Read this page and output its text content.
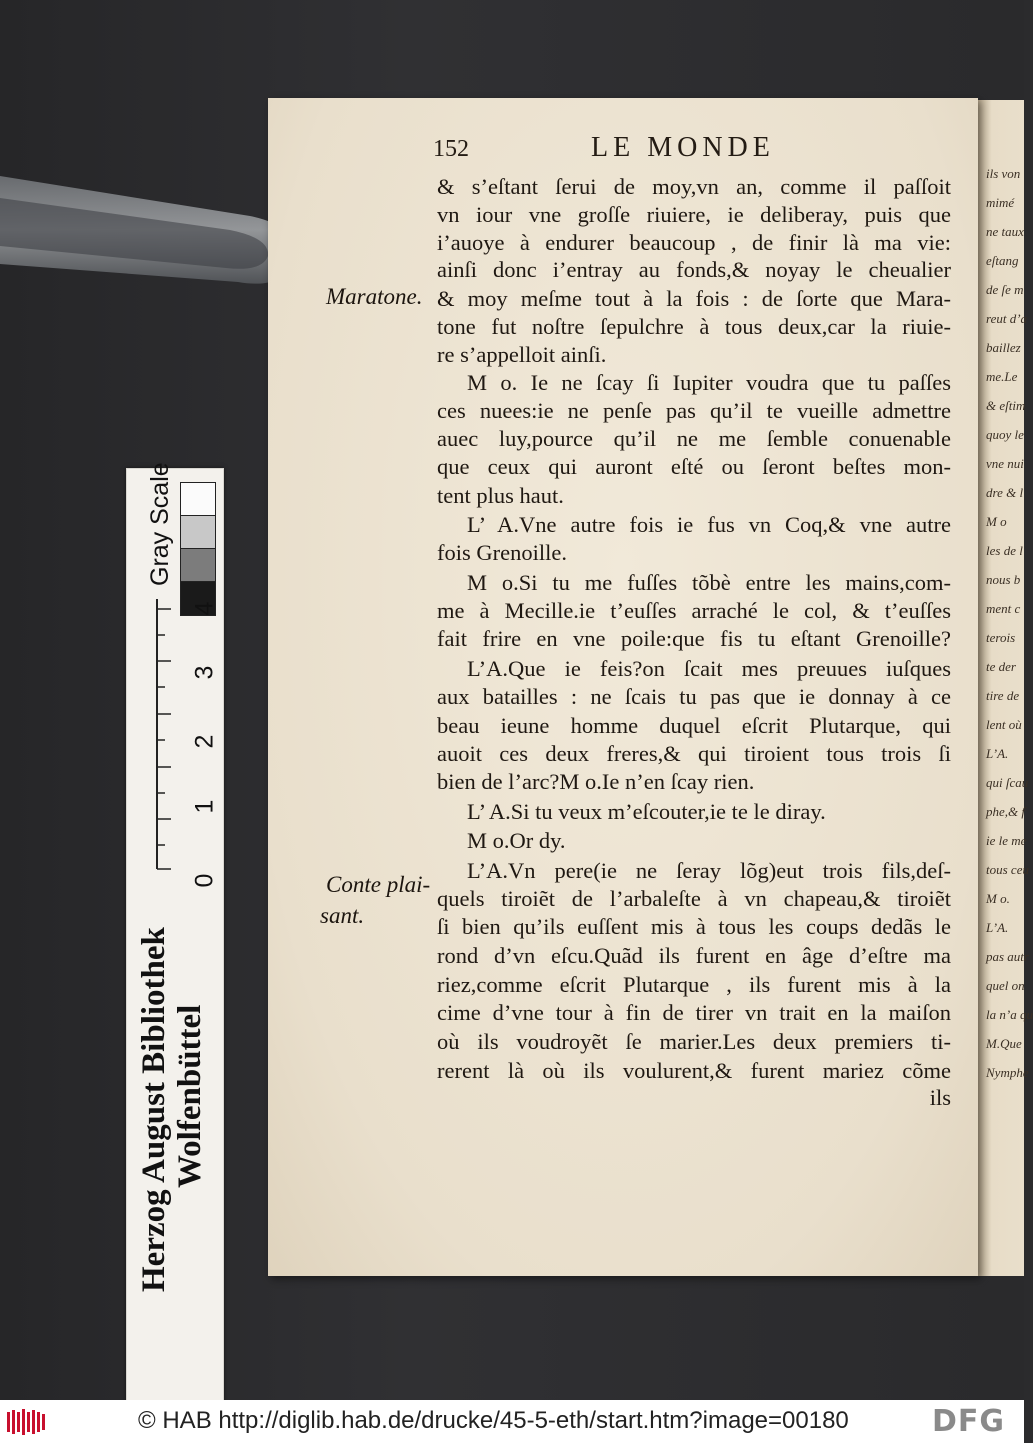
Gray Scale
4
3
2
1
0
Herzog August Bibliothek Wolfenbüttel
ils von
mimé
ne taux
eſtang
de ſe m
reut d’a
baillez
me.Le
& eſtim
quoy le
vne nui
dre & l
M o
les de l
nous b
ment c
terois
te der
tire de
lent où
L’A.
qui ſcau
phe,& f
ie le me
tous ceu
M o.
L’A.
pas autr
quel on
la n’a qu
M.Que
Nymphe
152	LE MONDE
& s’eſtant ſerui de moy,vn an, comme il paſſoit
vn iour vne groſſe riuiere, ie deliberay, puis que
i’auoye à endurer beaucoup , de finir là ma vie:
ainſi donc i’entray au fonds,& noyay le cheualier
& moy meſme tout à la fois : de ſorte que Mara-
tone fut noſtre ſepulchre à tous deux,car la riuie-
re s’appelloit ainſi.
M o. Ie ne ſcay ſi Iupiter voudra que tu paſſes
ces nuees:ie ne penſe pas qu’il te vueille admettre
auec luy,pource qu’il ne me ſemble conuenable
que ceux qui auront eſté ou ſeront beſtes mon-
tent plus haut.
L’ A.Vne autre fois ie fus vn Coq,& vne autre
fois Grenoille.
M o.Si tu me fuſſes tõbè entre les mains,com-
me à Mecille.ie t’euſſes arraché le col, & t’euſſes
fait frire en vne poile:que fis tu eſtant Grenoille?
L’A.Que ie feis?on ſcait mes preuues iuſques
aux batailles : ne ſcais tu pas que ie donnay à ce
beau ieune homme duquel eſcrit Plutarque, qui
auoit ces deux freres,& qui tiroient tous trois ſi
bien de l’arc?M o.Ie n’en ſcay rien.
L’ A.Si tu veux m’eſcouter,ie te le diray.
M o.Or dy.
L’A.Vn pere(ie ne ſeray lõg)eut trois fils,deſ-
quels tiroiẽt de l’arbaleſte à vn chapeau,& tiroiẽt
ſi bien qu’ils euſſent mis à tous les coups dedãs le
rond d’vn eſcu.Quãd ils furent en âge d’eſtre ma
riez,comme eſcrit Plutarque , ils furent mis à la
cime d’vne tour à fin de tirer vn trait en la maiſon
où ils voudroyẽt ſe marier.Les deux premiers ti-
rerent là où ils voulurent,& furent mariez cõme
ils
Maratone.
Conte plai-
sant.
© HAB http://diglib.hab.de/drucke/45-5-eth/start.htm?image=00180	DFG
